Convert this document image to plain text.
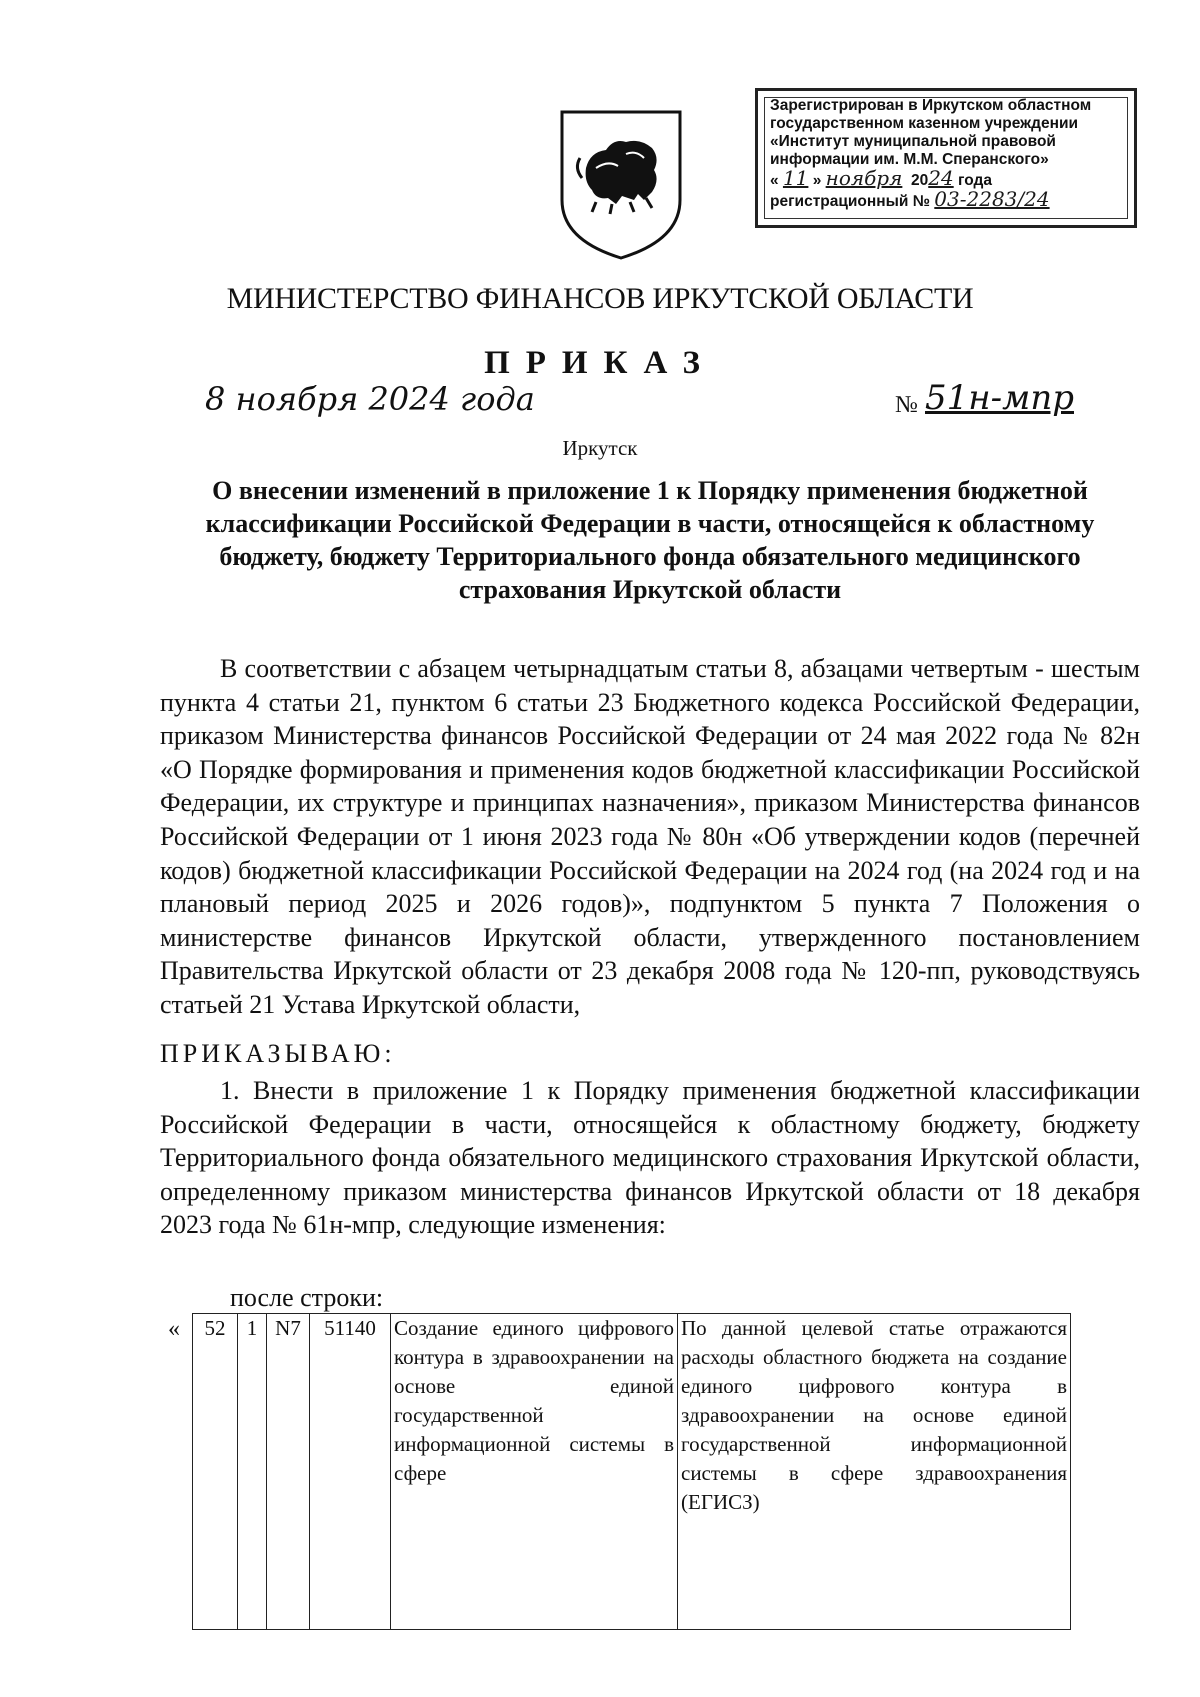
Зарегистрирован в Иркутском областном
государственном казенном учреждении
«Институт муниципальной правовой
информации им. М.М. Сперанского»
« 11 » ноября 2024 года
регистрационный № 03-2283/24
МИНИСТЕРСТВО ФИНАНСОВ ИРКУТСКОЙ ОБЛАСТИ
ПРИКАЗ
8 ноября 2024 года	№ 51н-мпр
Иркутск
О внесении изменений в приложение 1 к Порядку применения бюджетной классификации Российской Федерации в части, относящейся к областному бюджету, бюджету Территориального фонда обязательного медицинского страхования Иркутской области
В соответствии с абзацем четырнадцатым статьи 8, абзацами четвертым - шестым пункта 4 статьи 21, пунктом 6 статьи 23 Бюджетного кодекса Российской Федерации, приказом Министерства финансов Российской Федерации от 24 мая 2022 года № 82н «О Порядке формирования и применения кодов бюджетной классификации Российской Федерации, их структуре и принципах назначения», приказом Министерства финансов Российской Федерации от 1 июня 2023 года № 80н «Об утверждении кодов (перечней кодов) бюджетной классификации Российской Федерации на 2024 год (на 2024 год и на плановый период 2025 и 2026 годов)», подпунктом 5 пункта 7 Положения о министерстве финансов Иркутской области, утвержденного постановлением Правительства Иркутской области от 23 декабря 2008 года № 120-пп, руководствуясь статьей 21 Устава Иркутской области,
ПРИКАЗЫВАЮ:
1. Внести в приложение 1 к Порядку применения бюджетной классификации Российской Федерации в части, относящейся к областному бюджету, бюджету Территориального фонда обязательного медицинского страхования Иркутской области, определенному приказом министерства финансов Иркутской области от 18 декабря 2023 года № 61н-мпр, следующие изменения:
после строки:
« 52	1	N7	51140	Создание единого цифрового контура в здравоохранении на основе единой государственной информационной системы в сфере	По данной целевой статье отражаются расходы областного бюджета на создание единого цифрового контура в здравоохранении на основе единой государственной информационной системы в сфере здравоохранения (ЕГИСЗ)
